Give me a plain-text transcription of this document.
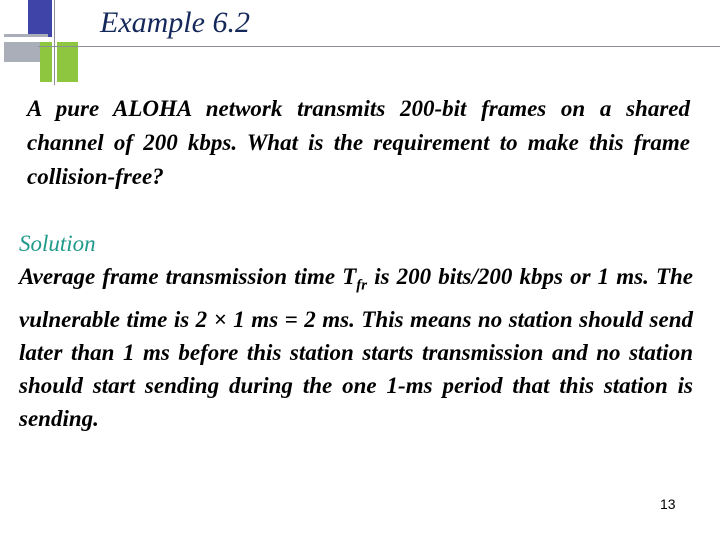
Example 6.2

A pure ALOHA network transmits 200-bit frames on a shared channel of 200 kbps. What is the requirement to make this frame collision-free?

Solution

Average frame transmission time $T_{fr}$ is 200 bits/200 kbps or 1 ms. The vulnerable time is 2 × 1 ms = 2 ms. This means no station should send later than 1 ms before this station starts transmission and no station should start sending during the one 1-ms period that this station is sending.

13
